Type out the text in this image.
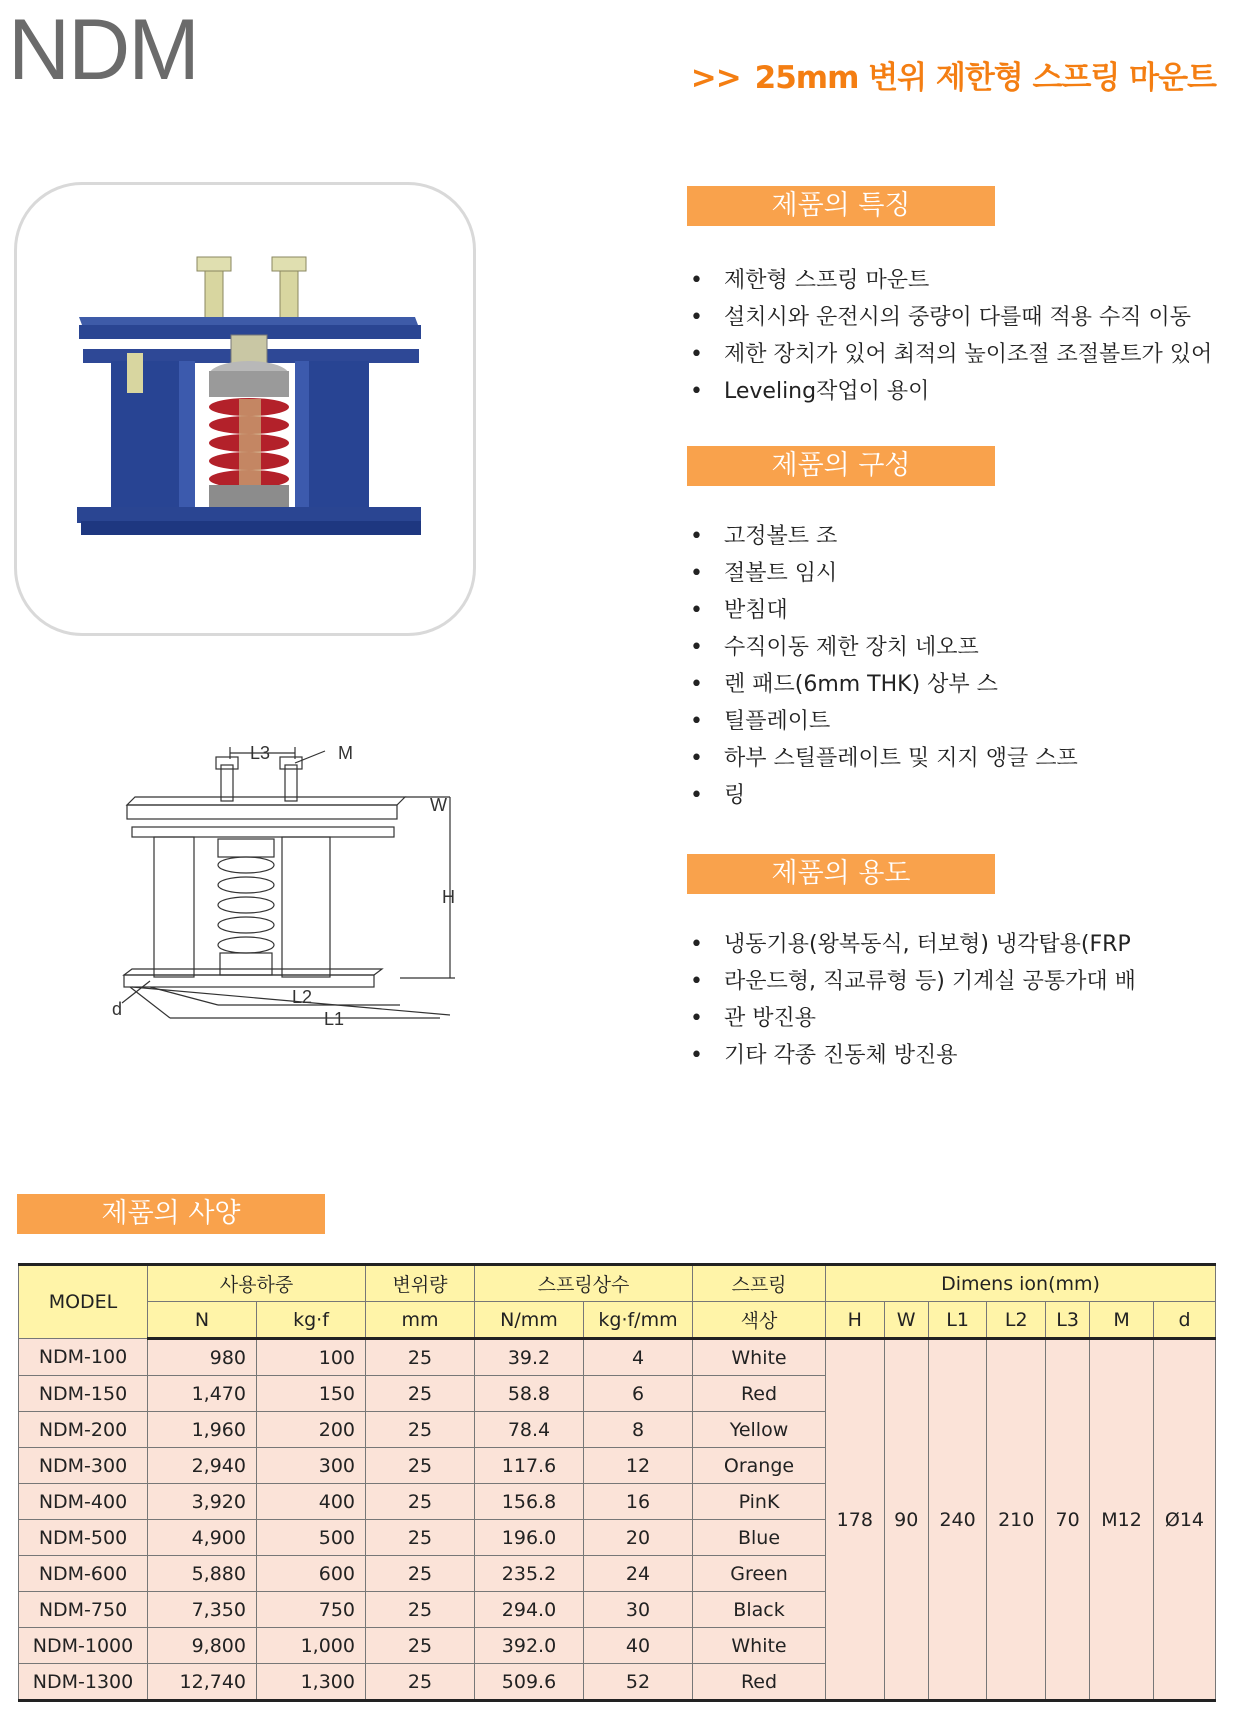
NDM	>> 25mm 변위 제한형 스프링 마운트
제품의 특징
• 제한형 스프링 마운트
• 설치시와 운전시의 중량이 다를때 적용 수직 이동
• 제한 장치가 있어 최적의 높이조절 조절볼트가 있어
• Leveling작업이 용이
제품의 구성
• 고정볼트 조
• 절볼트 임시
• 받침대
• 수직이동 제한 장치 네오프
• 렌 패드(6mm THK) 상부 스
• 틸플레이트
• 하부 스틸플레이트 및 지지 앵글 스프
• 링
제품의 용도
• 냉동기용(왕복동식, 터보형) 냉각탑용(FRP
• 라운드형, 직교류형 등) 기계실 공통가대 배
• 관 방진용
• 기타 각종 진동체 방진용
L3	M
W
H
L2
L1
d
제품의 사양
MODEL	사용하중		변위량	스프링상수		스프링	Dimens ion(mm)						
	N	kg·f	mm	N/mm	kg·f/mm	색상	H	W	L1	L2	L3	M	d
NDM-100	980	100	25	39.2	4	White	178	90	240	210	70	M12	Ø14
NDM-150	1,470	150	25	58.8	6	Red							
NDM-200	1,960	200	25	78.4	8	Yellow							
NDM-300	2,940	300	25	117.6	12	Orange							
NDM-400	3,920	400	25	156.8	16	PinK							
NDM-500	4,900	500	25	196.0	20	Blue							
NDM-600	5,880	600	25	235.2	24	Green							
NDM-750	7,350	750	25	294.0	30	Black							
NDM-1000	9,800	1,000	25	392.0	40	White							
NDM-1300	12,740	1,300	25	509.6	52	Red							
